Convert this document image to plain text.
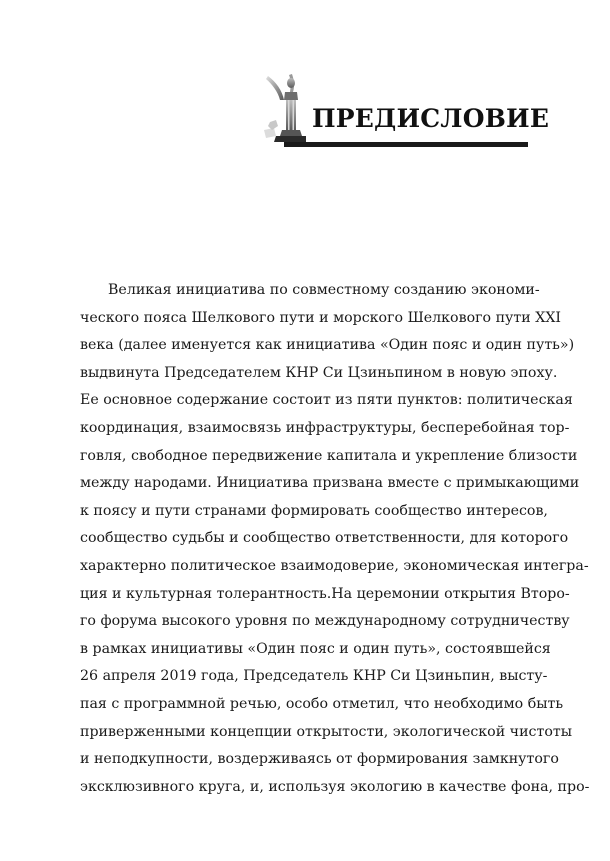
ПРЕДИСЛОВИЕ
Великая инициатива по совместному созданию экономи-
ческого пояса Шелкового пути и морского Шелкового пути XXI
века (далее именуется как инициатива «Один пояс и один путь»)
выдвинута Председателем КНР Си Цзиньпином в новую эпоху.
Ее основное содержание состоит из пяти пунктов: политическая
координация, взаимосвязь инфраструктуры, бесперебойная тор-
говля, свободное передвижение капитала и укрепление близости
между народами. Инициатива призвана вместе с примыкающими
к поясу и пути странами формировать сообщество интересов,
сообщество судьбы и сообщество ответственности, для которого
характерно политическое взаимодоверие, экономическая интегра-
ция и культурная толерантность.На церемонии открытия Второ-
го форума высокого уровня по международному сотрудничеству
в рамках инициативы «Один пояс и один путь», состоявшейся
26 апреля 2019 года, Председатель КНР Си Цзиньпин, высту-
пая с программной речью, особо отметил, что необходимо быть
приверженными концепции открытости, экологической чистоты
и неподкупности, воздерживаясь от формирования замкнутого
эксклюзивного круга, и, используя экологию в качестве фона, про-
